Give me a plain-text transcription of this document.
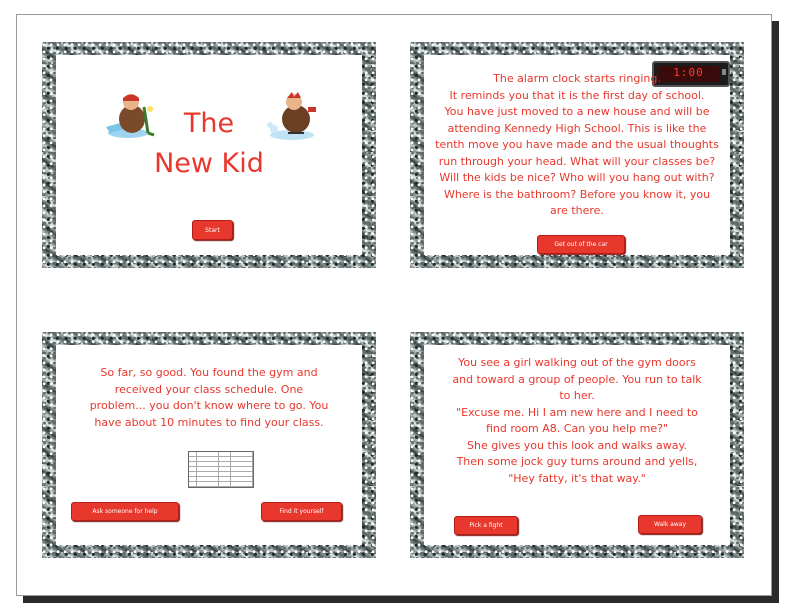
The
New Kid
Start
1:00
The alarm clock starts ringing.
It reminds you that it is the first day of school.
You have just moved to a new house and will be
attending Kennedy High School. This is like the
tenth move you have made and the usual thoughts
run through your head. What will your classes be?
Will the kids be nice? Who will you hang out with?
Where is the bathroom? Before you know it, you
are there.
Get out of the car
So far, so good. You found the gym and
received your class schedule. One
problem... you don't know where to go. You
have about 10 minutes to find your class.
Ask someone for help	Find it yourself
You see a girl walking out of the gym doors
and toward a group of people. You run to talk
to her.
"Excuse me. Hi I am new here and I need to
find room A8. Can you help me?"
She gives you this look and walks away.
Then some jock guy turns around and yells,
"Hey fatty, it's that way."
Pick a fight	Walk away
